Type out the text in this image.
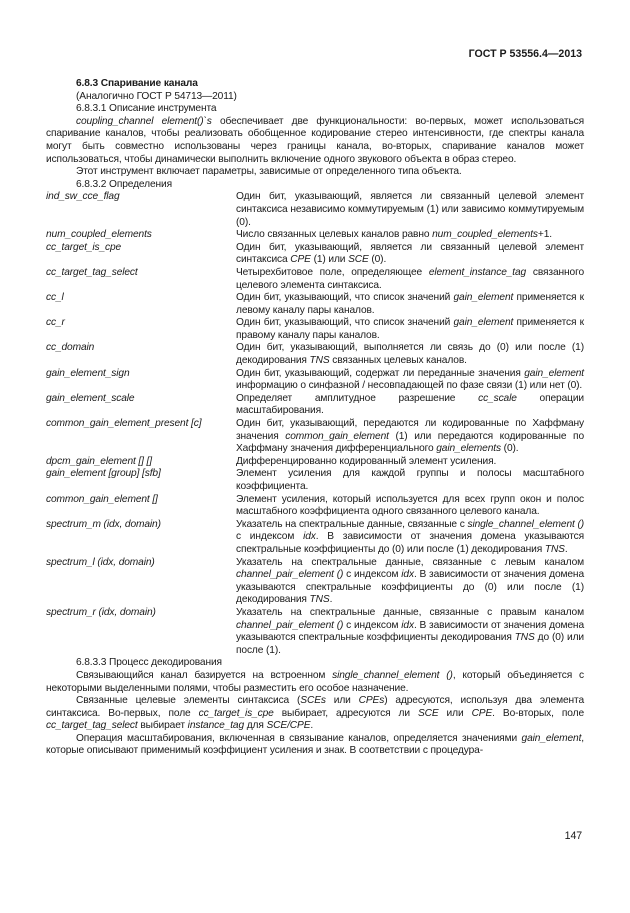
ГОСТ Р 53556.4—2013
6.8.3 Спаривание канала
(Аналогично ГОСТ Р 54713—2011)
6.8.3.1 Описание инструмента
coupling_channel element()`s обеспечивает две функциональности: во-первых, может использоваться спаривание каналов, чтобы реализовать обобщенное кодирование стерео интенсивности, где спектры канала могут быть совместно использованы через границы канала, во-вторых, спаривание каналов может использоваться, чтобы динамически выполнить включение одного звукового объекта в образ стерео.
Этот инструмент включает параметры, зависимые от определенного типа объекта.
6.8.3.2 Определения
ind_sw_cce_flag	Один бит, указывающий, является ли связанный целевой элемент синтаксиса независимо коммутируемым (1) или зависимо коммутируемым (0).
num_coupled_elements	Число связанных целевых каналов равно num_coupled_elements+1.
cc_target_is_cpe	Один бит, указывающий, является ли связанный целевой элемент синтаксиса CPE (1) или SCE (0).
cc_target_tag_select	Четырехбитовое поле, определяющее element_instance_tag связанного целевого элемента синтаксиса.
cc_l	Один бит, указывающий, что список значений gain_element применяется к левому каналу пары каналов.
cc_r	Один бит, указывающий, что список значений gain_element применяется к правому каналу пары каналов.
cc_domain	Один бит, указывающий, выполняется ли связь до (0) или после (1) декодирования TNS связанных целевых каналов.
gain_element_sign	Один бит, указывающий, содержат ли переданные значения gain_element информацию о синфазной / несовпадающей по фазе связи (1) или нет (0).
gain_element_scale	Определяет амплитудное разрешение cc_scale операции масштабирования.
common_gain_element_present [c]	Один бит, указывающий, передаются ли кодированные по Хаффману значения common_gain_element (1) или передаются кодированные по Хаффману значения дифференциального gain_elements (0).
dpcm_gain_element [] []	Дифференцированно кодированный элемент усиления.
gain_element [group] [sfb]	Элемент усиления для каждой группы и полосы масштабного коэффициента.
common_gain_element []	Элемент усиления, который используется для всех групп окон и полос масштабного коэффициента одного связанного целевого канала.
spectrum_m (idx, domain)	Указатель на спектральные данные, связанные с single_channel_element () с индексом idx. В зависимости от значения домена указываются спектральные коэффициенты до (0) или после (1) декодирования TNS.
spectrum_l (idx, domain)	Указатель на спектральные данные, связанные с левым каналом channel_pair_element () с индексом idx. В зависимости от значения домена указываются спектральные коэффициенты до (0) или после (1) декодирования TNS.
spectrum_r (idx, domain)	Указатель на спектральные данные, связанные с правым каналом channel_pair_element () с индексом idx. В зависимости от значения домена указываются спектральные коэффициенты декодирования TNS до (0) или после (1).
6.8.3.3 Процесс декодирования
Связывающийся канал базируется на встроенном single_channel_element (), который объединяется с некоторыми выделенными полями, чтобы разместить его особое назначение.
Связанные целевые элементы синтаксиса (SCEs или CPEs) адресуются, используя два элемента синтаксиса. Во-первых, поле cc_target_is_cpe выбирает, адресуются ли SCE или CPE. Во-вторых, поле cc_target_tag_select выбирает instance_tag для SCE/CPE.
Операция масштабирования, включенная в связывание каналов, определяется значениями gain_element, которые описывают применимый коэффициент усиления и знак. В соответствии с процедура-
147
